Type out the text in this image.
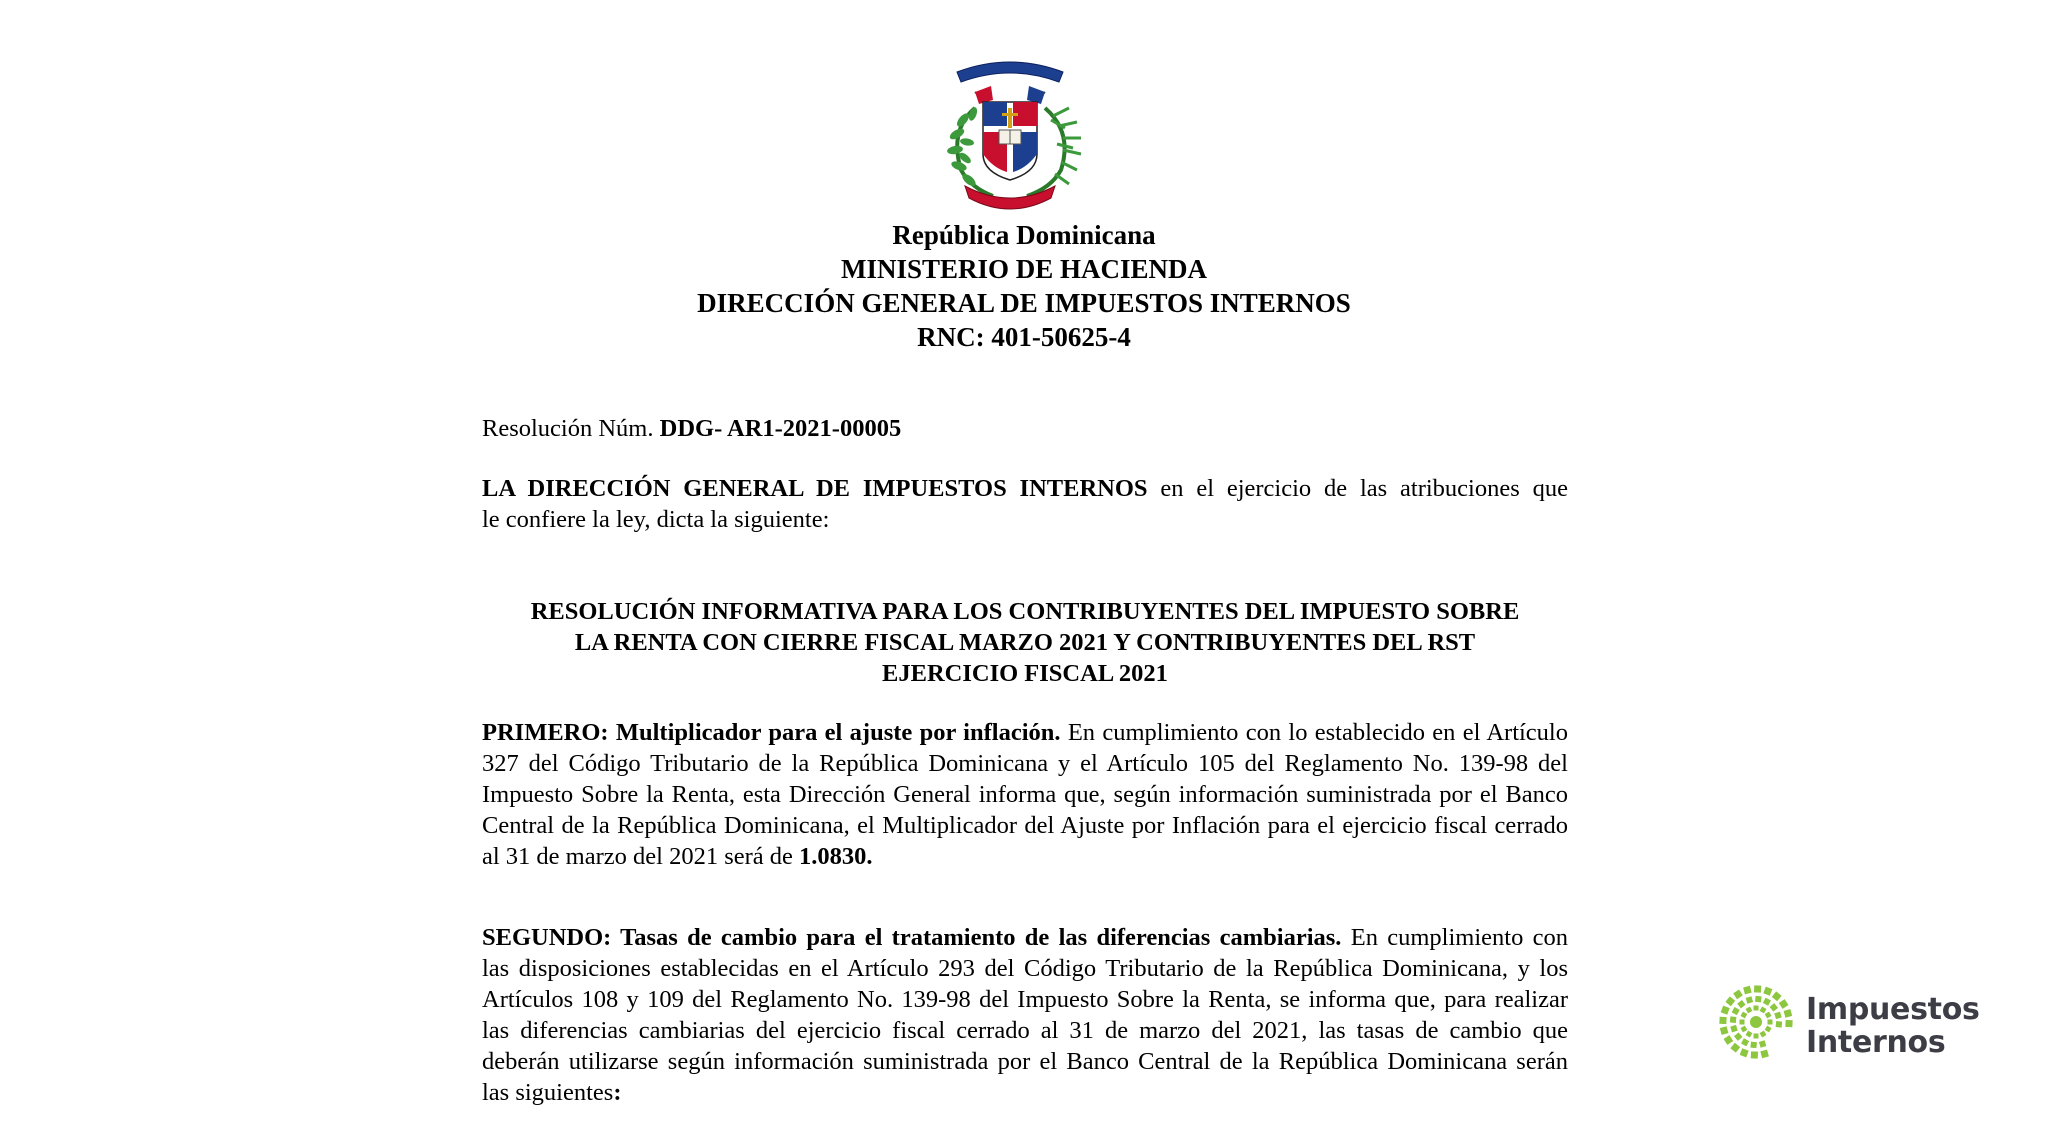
República Dominicana
MINISTERIO DE HACIENDA
DIRECCIÓN GENERAL DE IMPUESTOS INTERNOS
RNC: 401-50625-4
Resolución Núm. DDG- AR1-2021-00005
LA DIRECCIÓN GENERAL DE IMPUESTOS INTERNOS en el ejercicio de las atribuciones que
le confiere la ley, dicta la siguiente:
RESOLUCIÓN INFORMATIVA PARA LOS CONTRIBUYENTES DEL IMPUESTO SOBRE
LA RENTA CON CIERRE FISCAL MARZO 2021 Y CONTRIBUYENTES DEL RST
EJERCICIO FISCAL 2021
PRIMERO: Multiplicador para el ajuste por inflación. En cumplimiento con lo establecido en el Artículo
327 del Código Tributario de la República Dominicana y el Artículo 105 del Reglamento No. 139-98 del
Impuesto Sobre la Renta, esta Dirección General informa que, según información suministrada por el Banco
Central de la República Dominicana, el Multiplicador del Ajuste por Inflación para el ejercicio fiscal cerrado
al 31 de marzo del 2021 será de 1.0830.
SEGUNDO: Tasas de cambio para el tratamiento de las diferencias cambiarias. En cumplimiento con
las disposiciones establecidas en el Artículo 293 del Código Tributario de la República Dominicana, y los
Artículos 108 y 109 del Reglamento No. 139-98 del Impuesto Sobre la Renta, se informa que, para realizar
las diferencias cambiarias del ejercicio fiscal cerrado al 31 de marzo del 2021, las tasas de cambio que
deberán utilizarse según información suministrada por el Banco Central de la República Dominicana serán
las siguientes:
Impuestos
Internos
